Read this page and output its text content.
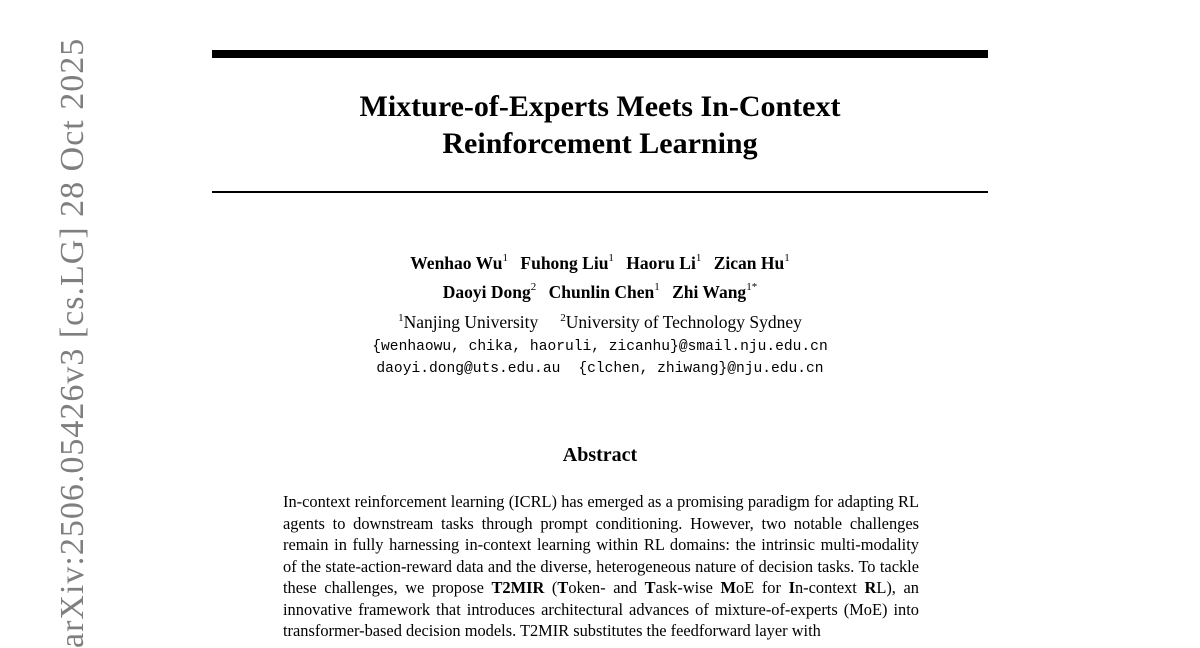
Mixture-of-Experts Meets In-Context
Reinforcement Learning
Wenhao Wu$^1$ Fuhong Liu$^1$ Haoru Li$^1$ Zican Hu$^1$
Daoyi Dong$^2$ Chunlin Chen$^1$ Zhi Wang$^{1*}$
$^1$Nanjing University $^2$University of Technology Sydney
{wenhaowu, chika, haoruli, zicanhu}@smail.nju.edu.cn
daoyi.dong@uts.edu.au {clchen, zhiwang}@nju.edu.cn
Abstract
In-context reinforcement learning (ICRL) has emerged as a promising paradigm for adapting RL agents to downstream tasks through prompt conditioning. However, two notable challenges remain in fully harnessing in-context learning within RL domains: the intrinsic multi-modality of the state-action-reward data and the diverse, heterogeneous nature of decision tasks. To tackle these challenges, we propose T2MIR (Token- and Task-wise MoE for In-context RL), an innovative framework that introduces architectural advances of mixture-of-experts (MoE) into transformer-based decision models. T2MIR substitutes the feedforward layer with
arXiv:2506.05426v3 [cs.LG] 28 Oct 2025
